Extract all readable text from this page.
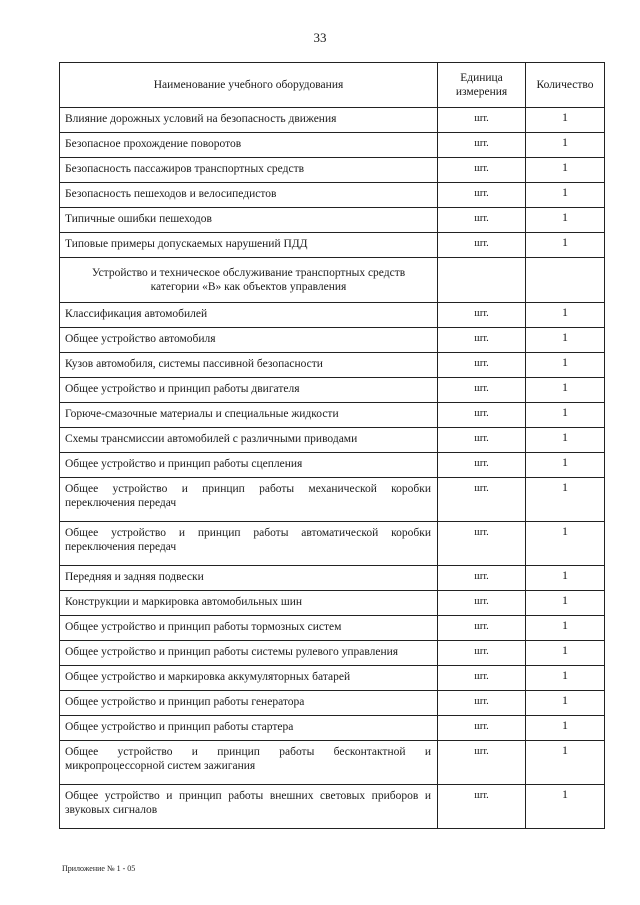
33
Наименование учебного оборудования	Единица измерения	Количество
Влияние дорожных условий на безопасность движения	шт.	1
Безопасное прохождение поворотов	шт.	1
Безопасность пассажиров транспортных средств	шт.	1
Безопасность пешеходов и велосипедистов	шт.	1
Типичные ошибки пешеходов	шт.	1
Типовые примеры допускаемых нарушений ПДД	шт.	1
Устройство и техническое обслуживание транспортных средств категории «В» как объектов управления		
Классификация автомобилей	шт.	1
Общее устройство автомобиля	шт.	1
Кузов автомобиля, системы пассивной безопасности	шт.	1
Общее устройство и принцип работы двигателя	шт.	1
Горюче-смазочные материалы и специальные жидкости	шт.	1
Схемы трансмиссии автомобилей с различными приводами	шт.	1
Общее устройство и принцип работы сцепления	шт.	1
Общее устройство и принцип работы механической коробки переключения передач	шт.	1
Общее устройство и принцип работы автоматической коробки переключения передач	шт.	1
Передняя и задняя подвески	шт.	1
Конструкции и маркировка автомобильных шин	шт.	1
Общее устройство и принцип работы тормозных систем	шт.	1
Общее устройство и принцип работы системы рулевого управления	шт.	1
Общее устройство и маркировка аккумуляторных батарей	шт.	1
Общее устройство и принцип работы генератора	шт.	1
Общее устройство и принцип работы стартера	шт.	1
Общее устройство и принцип работы бесконтактной и микропроцессорной систем зажигания	шт.	1
Общее устройство и принцип работы внешних световых приборов и звуковых сигналов	шт.	1
Приложение № 1 - 05
